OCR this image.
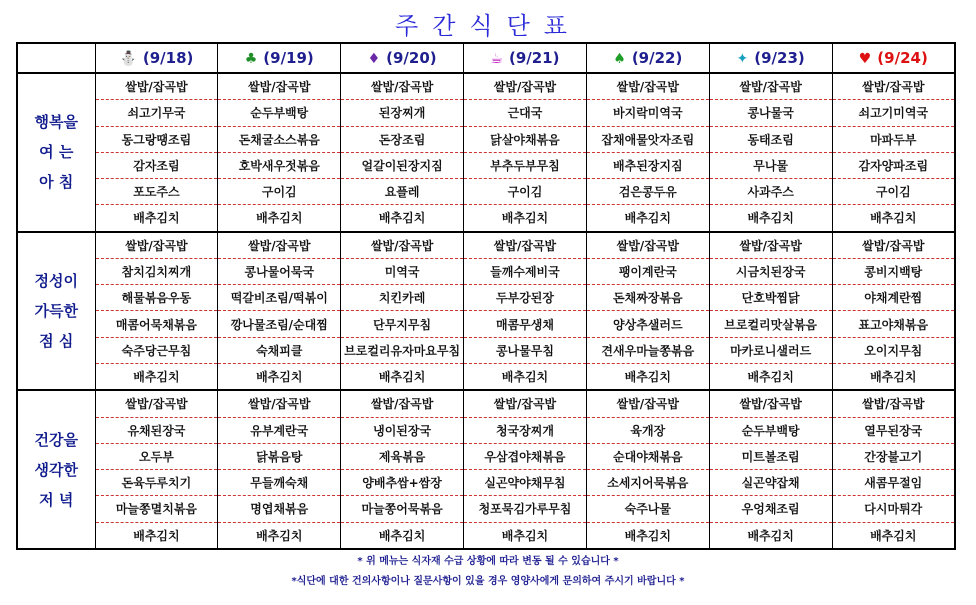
주간식단표
	⛄ (9/18)	♣ (9/19)	♦ (9/20)	☕ (9/21)	♠ (9/22)	✦ (9/23)	♥ (9/24)

행복을
여 는
아 침	쌀밥/잡곡밥	쌀밥/잡곡밥	쌀밥/잡곡밥	쌀밥/잡곡밥	쌀밥/잡곡밥	쌀밥/잡곡밥	쌀밥/잡곡밥
	쇠고기무국	순두부백탕	된장찌개	근대국	바지락미역국	콩나물국	쇠고기미역국
	동그랑땡조림	돈채굴소스볶음	돈장조림	닭살야채볶음	잡채애물앗자조림	동태조림	마파두부
	감자조림	호박새우젓볶음	얼갈이된장지짐	부추두부무침	배추된장지짐	무나물	감자양파조림
	포도주스	구이김	요플레	구이김	검은콩두유	사과주스	구이김
	배추김치	배추김치	배추김치	배추김치	배추김치	배추김치	배추김치

정성이
가득한
점 심	쌀밥/잡곡밥	쌀밥/잡곡밥	쌀밥/잡곡밥	쌀밥/잡곡밥	쌀밥/잡곡밥	쌀밥/잡곡밥	쌀밥/잡곡밥
	참치김치찌개	콩나물어묵국	미역국	들깨수제비국	팽이계란국	시금치된장국	콩비지백탕
	해물볶음우동	떡갈비조림/떡볶이	치킨카레	두부강된장	돈채짜장볶음	단호박찜닭	야채계란찜
	매콤어묵채볶음	깡나물조림/순대찜	단무지무침	매콤무생채	양상추샐러드	브로컬리맛살볶음	표고야채볶음
	숙주당근무침	숙채피클	브로컬리유자마요무침	콩나물무침	견새우마늘쫑볶음	마카로니샐러드	오이지무침
	배추김치	배추김치	배추김치	배추김치	배추김치	배추김치	배추김치

건강을
생각한
저 녁	쌀밥/잡곡밥	쌀밥/잡곡밥	쌀밥/잡곡밥	쌀밥/잡곡밥	쌀밥/잡곡밥	쌀밥/잡곡밥	쌀밥/잡곡밥
	유채된장국	유부계란국	냉이된장국	청국장찌개	육개장	순두부백탕	열무된장국
	오두부	닭볶음탕	제육볶음	우삼겹야채볶음	순대야채볶음	미트볼조림	간장불고기
	돈육두루치기	무들깨숙채	양배추쌈+쌈장	실곤약야채무침	소세지어묵볶음	실곤약잡채	새콤무절임
	마늘쫑멸치볶음	명엽채볶음	마늘쫑어묵볶음	청포묵김가루무침	숙주나물	우엉채조림	다시마튀각
	배추김치	배추김치	배추김치	배추김치	배추김치	배추김치	배추김치
* 위 메뉴는 식자재 수급 상황에 따라 변동 될 수 있습니다 *
*식단에 대한 건의사항이나 질문사항이 있을 경우 영양사에게 문의하여 주시기 바랍니다 *
